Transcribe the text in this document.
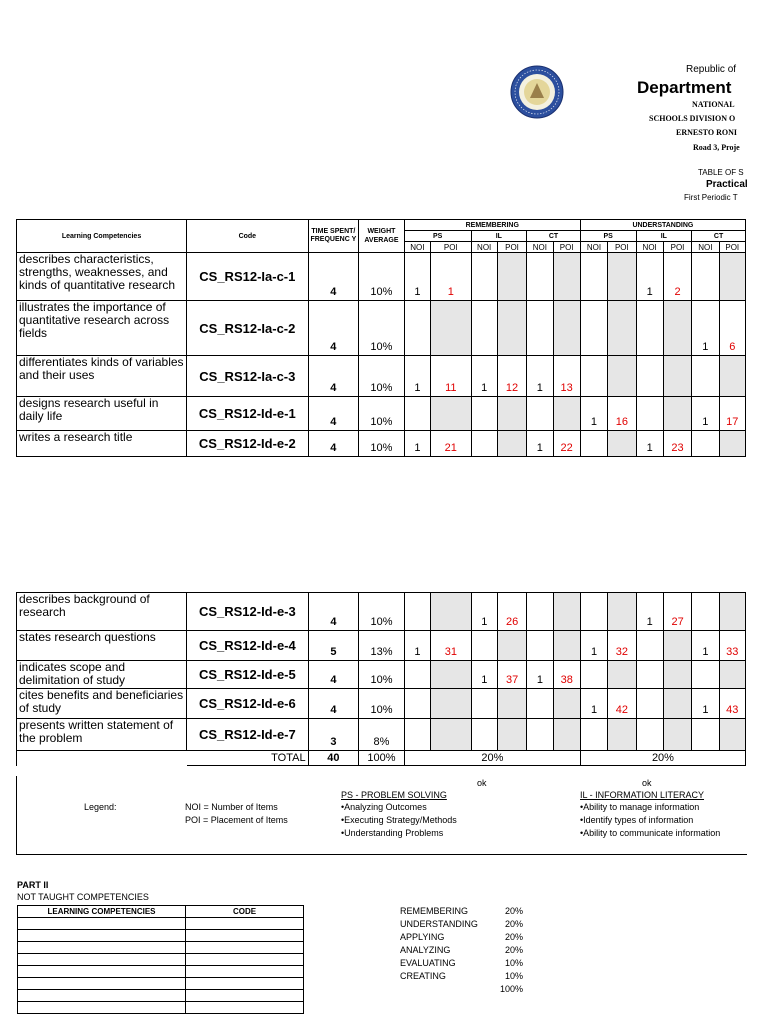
Republic of
Department
NATIONAL
SCHOOLS DIVISION O
ERNESTO RONI
Road 3, Proje
TABLE OF S
Practical
First Periodic T
Learning Competencies	Code	TIME SPENT/ FREQUENC Y	WEIGHT AVERAGE	REMEMBERING						UNDERSTANDING					
				PS		IL		CT		PS		IL		CT	
				NOI	POI	NOI	POI	NOI	POI	NOI	POI	NOI	POI	NOI	POI
describes characteristics, strengths, weaknesses, and kinds of quantitative research	CS_RS12-Ia-c-1	4	10%	1	1							1	2		
illustrates the importance of quantitative research across fields	CS_RS12-Ia-c-2	4	10%											1	6
differentiates kinds of variables and their uses	CS_RS12-Ia-c-3	4	10%	1	11	1	12	1	13						
designs research useful in daily life	CS_RS12-Id-e-1	4	10%							1	16			1	17
writes a research title	CS_RS12-Id-e-2	4	10%	1	21			1	22			1	23		
describes background of research	CS_RS12-Id-e-3	4	10%			1	26					1	27		
states research questions	CS_RS12-Id-e-4	5	13%	1	31					1	32			1	33
indicates scope and delimitation of study	CS_RS12-Id-e-5	4	10%			1	37	1	38						
cites benefits and beneficiaries of study	CS_RS12-Id-e-6	4	10%							1	42			1	43
presents written statement of the problem	CS_RS12-Id-e-7	3	8%												
	TOTAL	40	100%	20%						20%					
ok	ok
Legend:	NOI = Number of Items
POI = Placement of Items
PS - PROBLEM SOLVING
•Analyzing Outcomes
•Executing Strategy/Methods
•Understanding Problems
IL - INFORMATION LITERACY
•Ability to manage information
•Identify types of information
•Ability to communicate information
PART II
NOT TAUGHT COMPETENCIES
LEARNING COMPETENCIES	CODE

		REMEMBERING	20%
UNDERSTANDING	20%
APPLYING	20%
ANALYZING	20%
EVALUATING	10%
CREATING	10%
100%
